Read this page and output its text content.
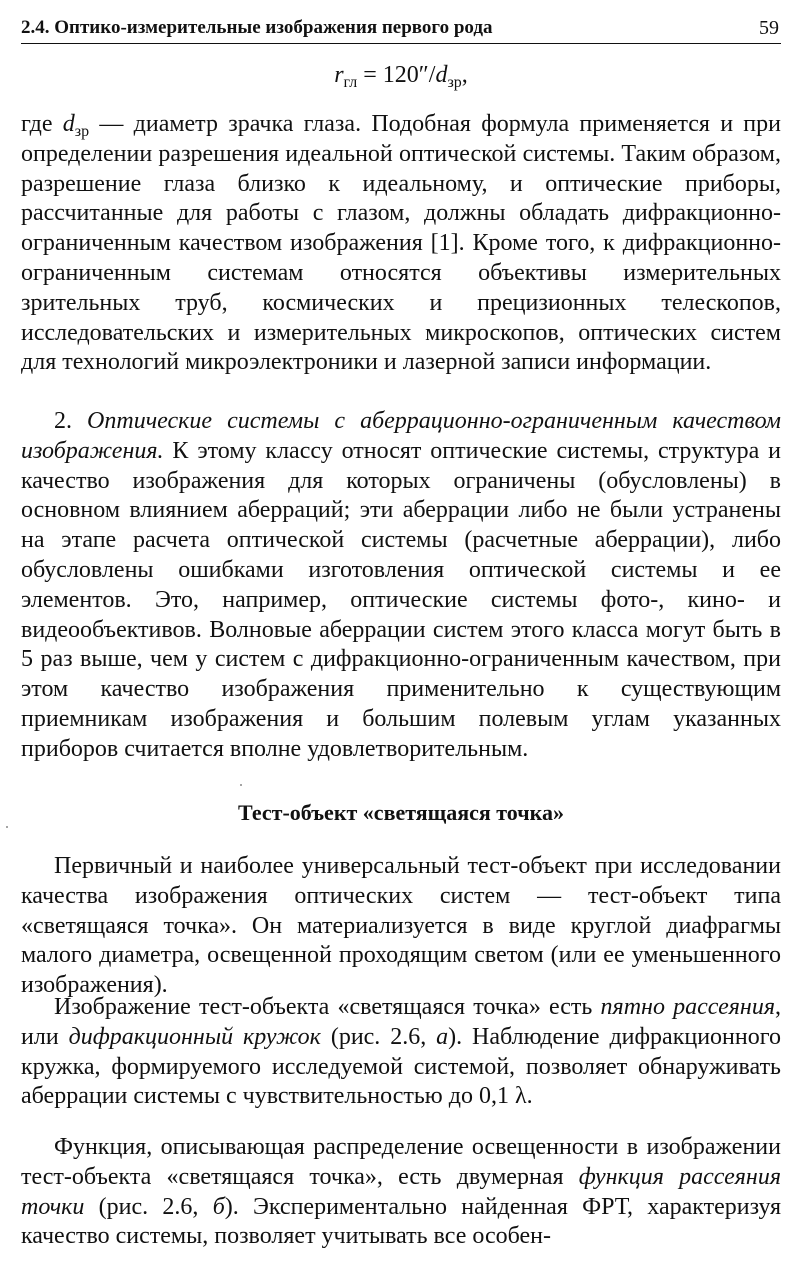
2.4. Оптико-измерительные изображения первого рода	59
$r_{гл} = 120''/d_{зр}$,

где $d_{зр}$ — диаметр зрачка глаза. Подобная формула применяется и при определении разрешения идеальной оптической системы. Таким образом, разрешение глаза близко к идеальному, и оптические приборы, рассчитанные для работы с глазом, должны обладать дифракционно-ограниченным качеством изображения [1]. Кроме того, к дифракционно-ограниченным системам относятся объективы измерительных зрительных труб, космических и прецизионных телескопов, исследовательских и измерительных микроскопов, оптических систем для технологий микроэлектроники и лазерной записи информации.

2. Оптические системы с аберрационно-ограниченным качеством изображения. К этому классу относят оптические системы, структура и качество изображения для которых ограничены (обусловлены) в основном влиянием аберраций; эти аберрации либо не были устранены на этапе расчета оптической системы (расчетные аберрации), либо обусловлены ошибками изготовления оптической системы и ее элементов. Это, например, оптические системы фото-, кино- и видеообъективов. Волновые аберрации систем этого класса могут быть в 5 раз выше, чем у систем с дифракционно-ограниченным качеством, при этом качество изображения применительно к существующим приемникам изображения и большим полевым углам указанных приборов считается вполне удовлетворительным.

Тест-объект «светящаяся точка»

Первичный и наиболее универсальный тест-объект при исследовании качества изображения оптических систем — тест-объект типа «светящаяся точка». Он материализуется в виде круглой диафрагмы малого диаметра, освещенной проходящим светом (или ее уменьшенного изображения).

Изображение тест-объекта «светящаяся точка» есть пятно рассеяния, или дифракционный кружок (рис. 2.6, а). Наблюдение дифракционного кружка, формируемого исследуемой системой, позволяет обнаруживать аберрации системы с чувствительностью до 0,1 λ.

Функция, описывающая распределение освещенности в изображении тест-объекта «светящаяся точка», есть двумерная функция рассеяния точки (рис. 2.6, б). Экспериментально найденная ФРТ, характеризуя качество системы, позволяет учитывать все особен-
